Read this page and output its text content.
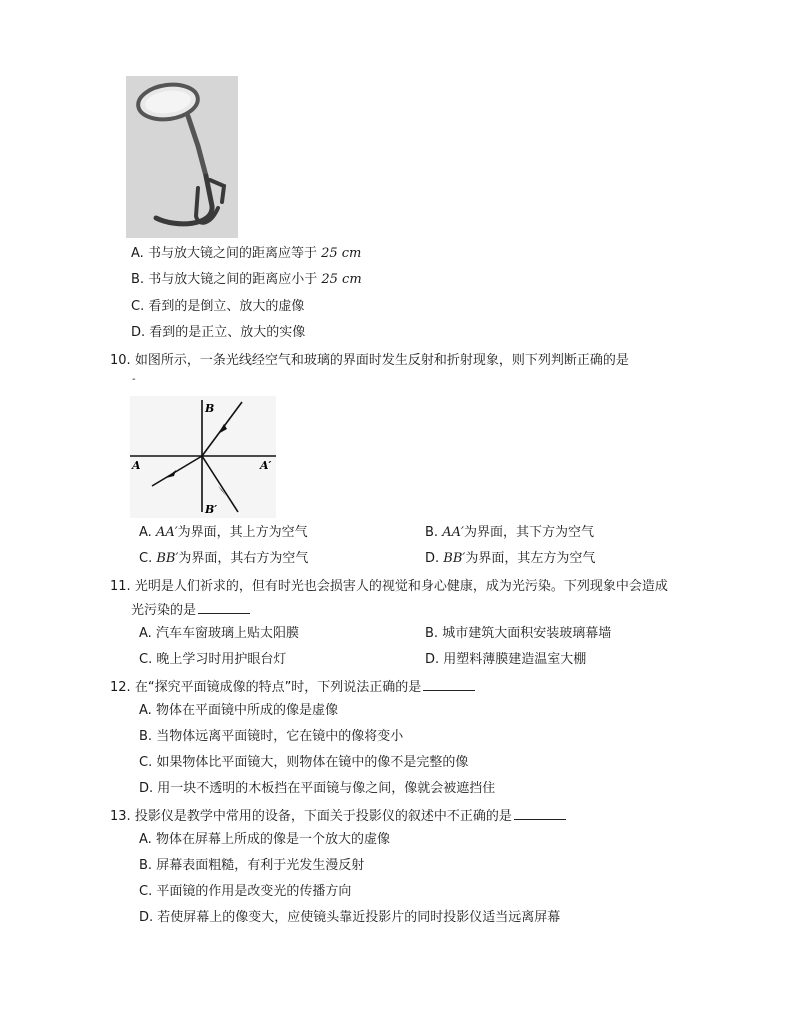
A. 书与放大镜之间的距离应等于 25 cm
B. 书与放大镜之间的距离应小于 25 cm
C. 看到的是倒立、放大的虚像
D. 看到的是正立、放大的实像
10. 如图所示，一条光线经空气和玻璃的界面时发生反射和折射现象，则下列判断正确的是
-
B
B′
A	A′
A. AA′为界面，其上方为空气	B. AA′为界面，其下方为空气
C. BB′为界面，其右方为空气	D. BB′为界面，其左方为空气
11. 光明是人们祈求的，但有时光也会损害人的视觉和身心健康，成为光污染。下列现象中会造成
光污染的是
A. 汽车车窗玻璃上贴太阳膜	B. 城市建筑大面积安装玻璃幕墙
C. 晚上学习时用护眼台灯	D. 用塑料薄膜建造温室大棚
12. 在“探究平面镜成像的特点”时，下列说法正确的是
A. 物体在平面镜中所成的像是虚像
B. 当物体远离平面镜时，它在镜中的像将变小
C. 如果物体比平面镜大，则物体在镜中的像不是完整的像
D. 用一块不透明的木板挡在平面镜与像之间，像就会被遮挡住
13. 投影仪是教学中常用的设备，下面关于投影仪的叙述中不正确的是
A. 物体在屏幕上所成的像是一个放大的虚像
B. 屏幕表面粗糙，有利于光发生漫反射
C. 平面镜的作用是改变光的传播方向
D. 若使屏幕上的像变大，应使镜头靠近投影片的同时投影仪适当远离屏幕
